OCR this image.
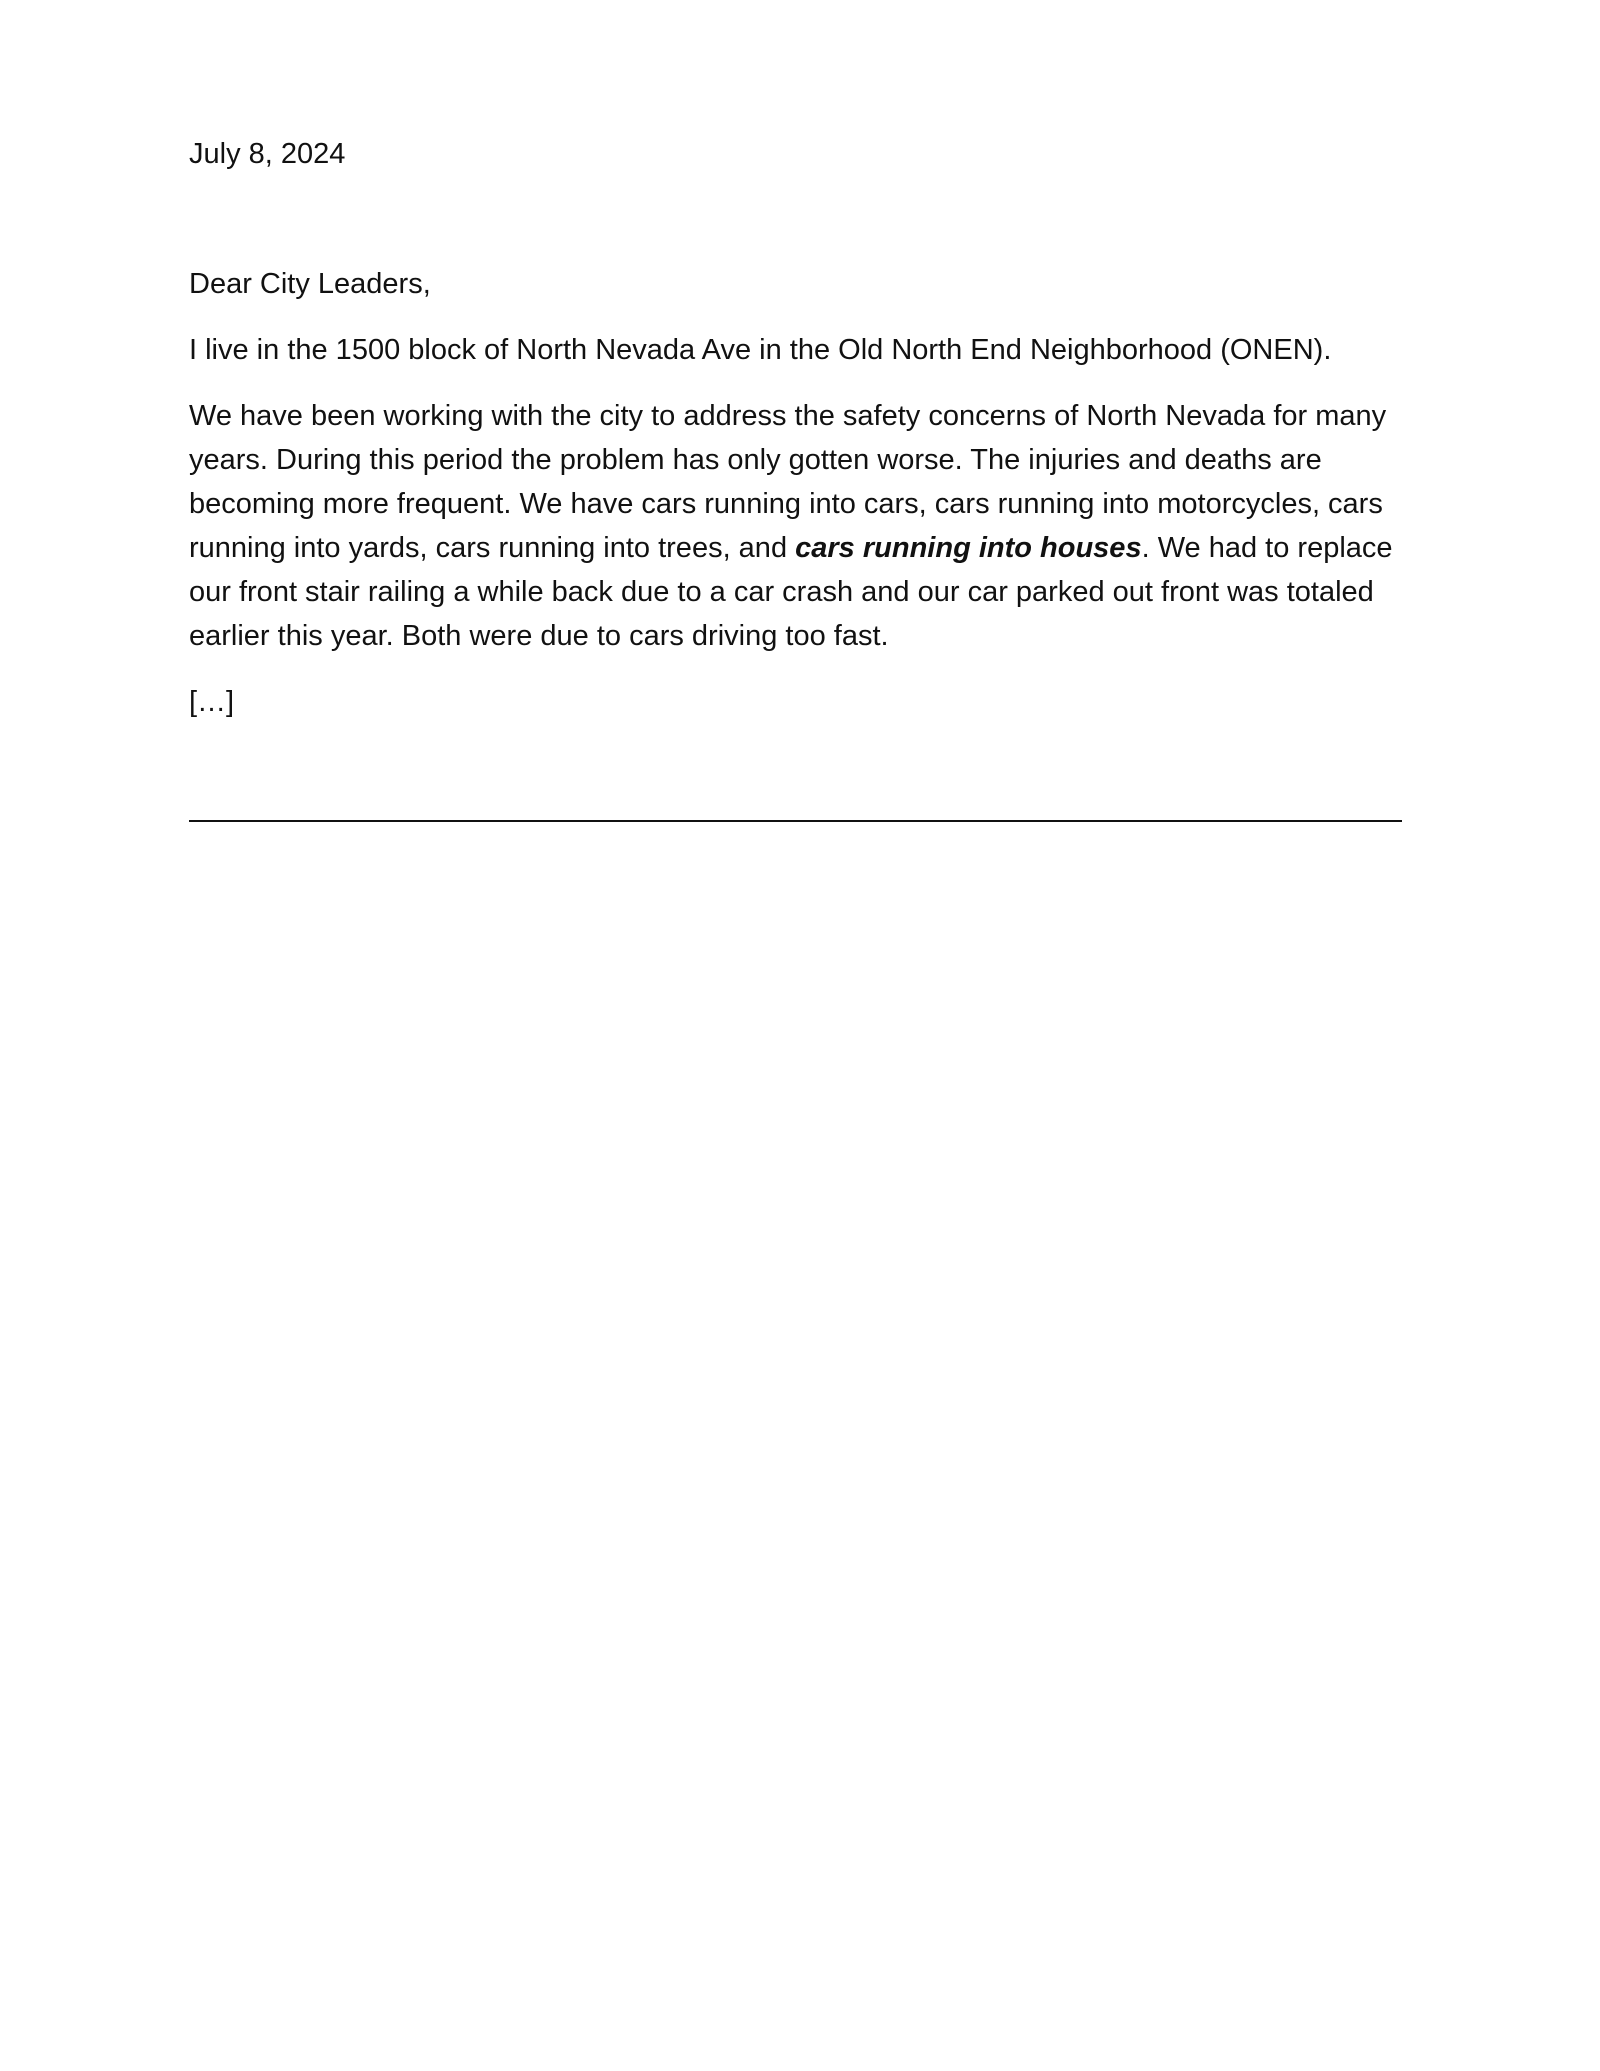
July 8, 2024

Dear City Leaders,

I live in the 1500 block of North Nevada Ave in the Old North End Neighborhood (ONEN).

We have been working with the city to address the safety concerns of North Nevada for many years. During this period the problem has only gotten worse. The injuries and deaths are becoming more frequent. We have cars running into cars, cars running into motorcycles, cars running into yards, cars running into trees, and cars running into houses. We had to replace our front stair railing a while back due to a car crash and our car parked out front was totaled earlier this year. Both were due to cars driving too fast.

[…]
